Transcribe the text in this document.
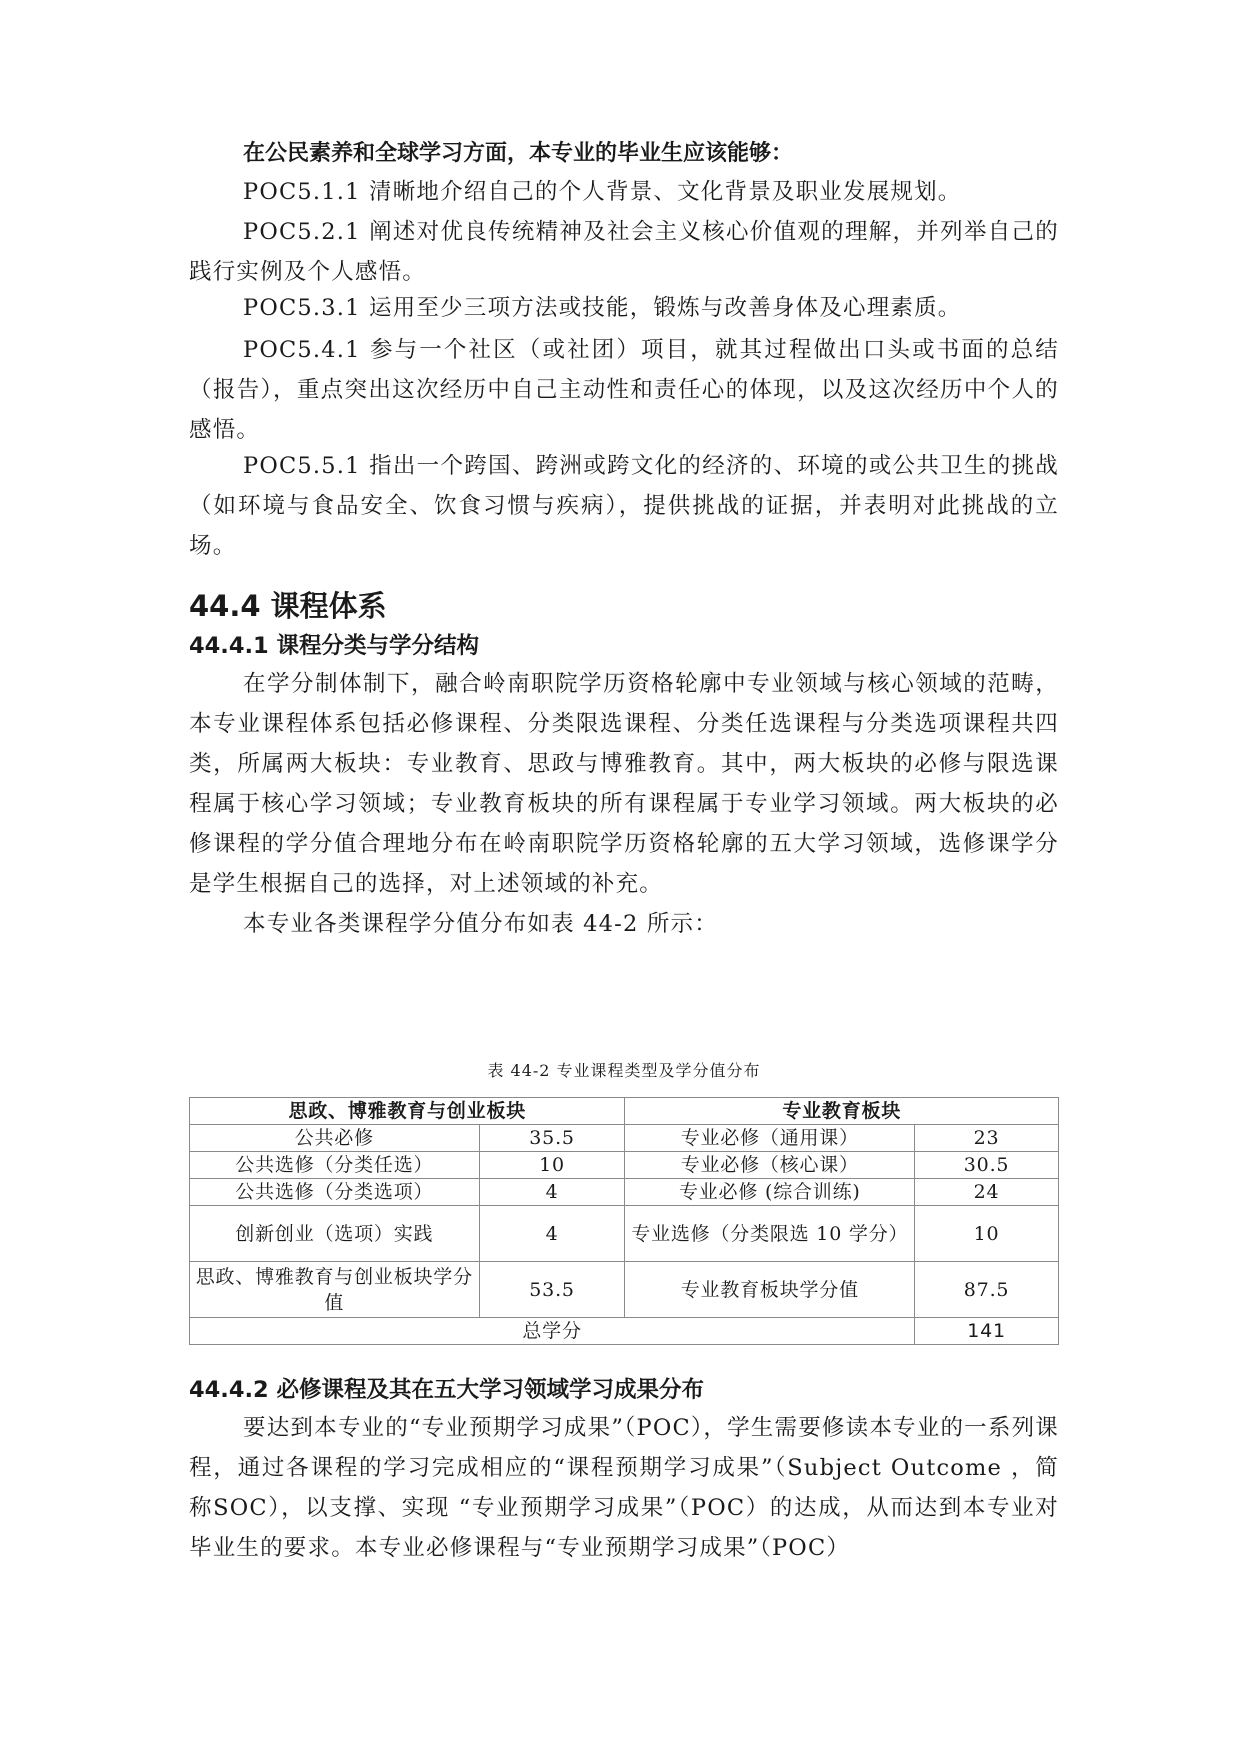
在公民素养和全球学习方面，本专业的毕业生应该能够：

POC5.1.1 清晰地介绍自己的个人背景、文化背景及职业发展规划。

POC5.2.1 阐述对优良传统精神及社会主义核心价值观的理解，并列举自己的践行实例及个人感悟。

POC5.3.1 运用至少三项方法或技能，锻炼与改善身体及心理素质。

POC5.4.1 参与一个社区（或社团）项目，就其过程做出口头或书面的总结（报告），重点突出这次经历中自己主动性和责任心的体现，以及这次经历中个人的感悟。

POC5.5.1 指出一个跨国、跨洲或跨文化的经济的、环境的或公共卫生的挑战（如环境与食品安全、饮食习惯与疾病），提供挑战的证据，并表明对此挑战的立场。

44.4 课程体系
44.4.1 课程分类与学分结构

在学分制体制下，融合岭南职院学历资格轮廓中专业领域与核心领域的范畴，本专业课程体系包括必修课程、分类限选课程、分类任选课程与分类选项课程共四类，所属两大板块：专业教育、思政与博雅教育。其中，两大板块的必修与限选课程属于核心学习领域；专业教育板块的所有课程属于专业学习领域。两大板块的必修课程的学分值合理地分布在岭南职院学历资格轮廓的五大学习领域，选修课学分是学生根据自己的选择，对上述领域的补充。

本专业各类课程学分值分布如表 44-2 所示：

表 44-2 专业课程类型及学分值分布

思政、博雅教育与创业板块		专业教育板块	
公共必修	35.5	专业必修（通用课）	23
公共选修（分类任选）	10	专业必修（核心课）	30.5
公共选修（分类选项）	4	专业必修 (综合训练)	24
创新创业（选项）实践	4	专业选修（分类限选 10 学分）	10
思政、博雅教育与创业板块学分值	53.5	专业教育板块学分值	87.5
总学分			141
44.4.2 必修课程及其在五大学习领域学习成果分布

要达到本专业的“专业预期学习成果”（POC），学生需要修读本专业的一系列课程，通过各课程的学习完成相应的“课程预期学习成果”（Subject Outcome ，简称SOC），以支撑、实现 “专业预期学习成果”（POC）的达成，从而达到本专业对毕业生的要求。本专业必修课程与“专业预期学习成果”（POC）
